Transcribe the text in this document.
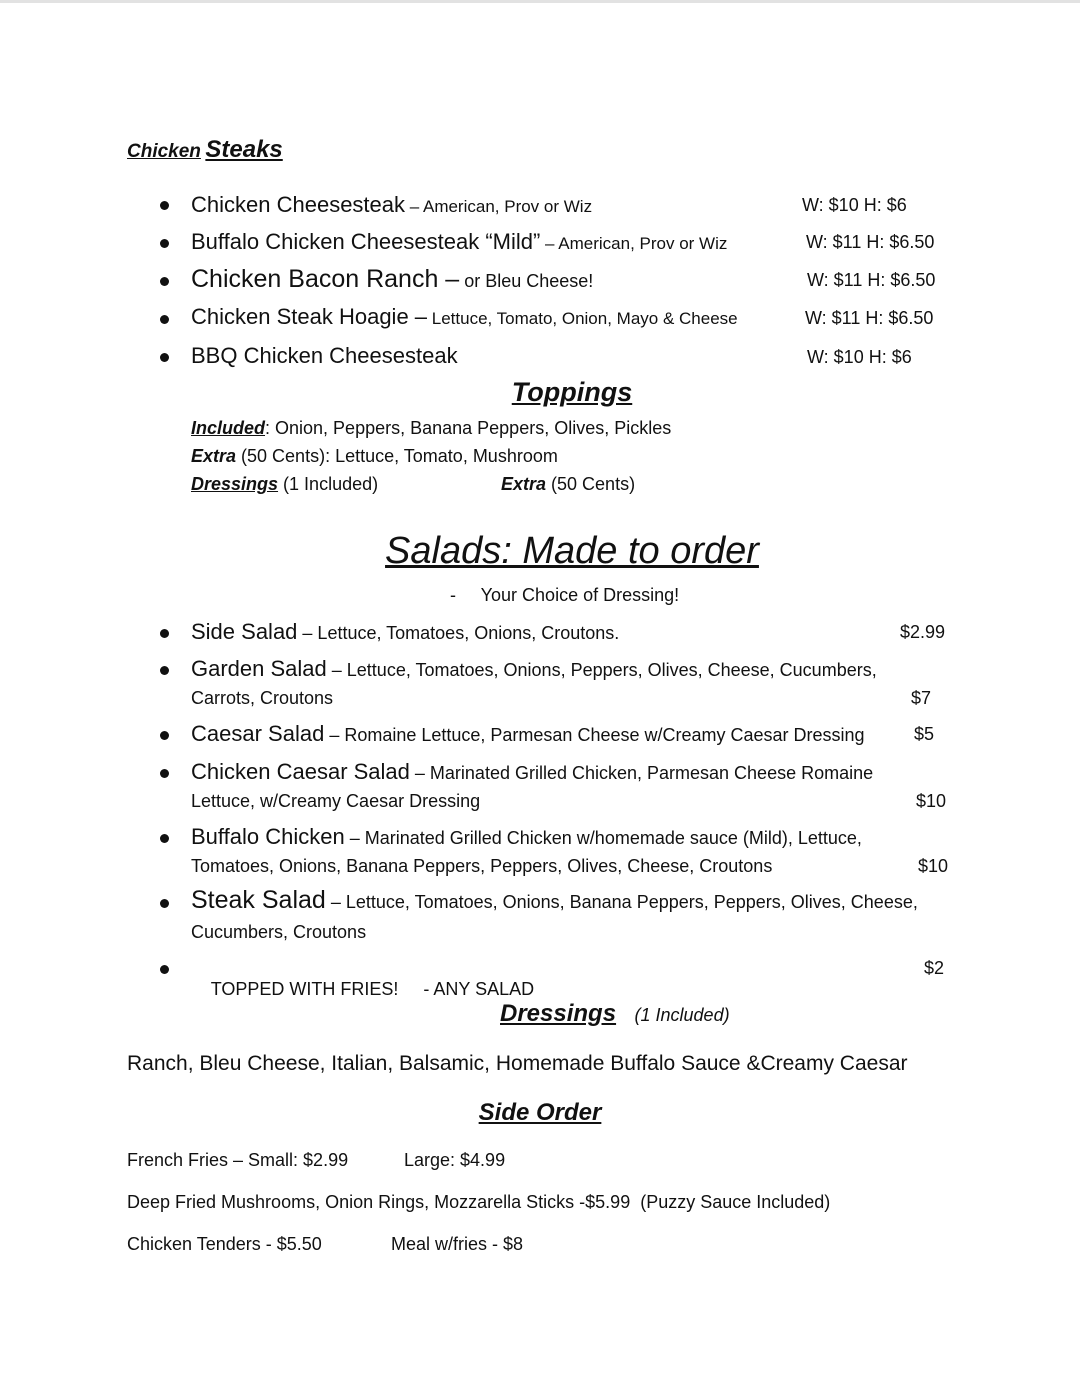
Chicken Steaks
Chicken Cheesesteak – American, Prov or Wiz	W: $10 H: $6
Buffalo Chicken Cheesesteak “Mild” – American, Prov or Wiz	W: $11 H: $6.50
Chicken Bacon Ranch – or Bleu Cheese!	W: $11 H: $6.50
Chicken Steak Hoagie – Lettuce, Tomato, Onion, Mayo & Cheese	W: $11 H: $6.50
BBQ Chicken Cheesesteak	W: $10 H: $6
Toppings
Included: Onion, Peppers, Banana Peppers, Olives, Pickles
Extra (50 Cents): Lettuce, Tomato, Mushroom
Dressings (1 Included)	Extra (50 Cents)
Salads: Made to order
-     Your Choice of Dressing!
Side Salad – Lettuce, Tomatoes, Onions, Croutons.	$2.99
Garden Salad – Lettuce, Tomatoes, Onions, Peppers, Olives, Cheese, Cucumbers,
Carrots, Croutons	$7
Caesar Salad – Romaine Lettuce, Parmesan Cheese w/Creamy Caesar Dressing	$5
Chicken Caesar Salad – Marinated Grilled Chicken, Parmesan Cheese Romaine
Lettuce, w/Creamy Caesar Dressing	$10
Buffalo Chicken – Marinated Grilled Chicken w/homemade sauce (Mild), Lettuce,
Tomatoes, Onions, Banana Peppers, Peppers, Olives, Cheese, Croutons	$10
Steak Salad – Lettuce, Tomatoes, Onions, Banana Peppers, Peppers, Olives, Cheese,
Cucumbers, Croutons

TOPPED WITH FRIES!     - ANY SALAD

$2
Dressings (1 Included)
Ranch, Bleu Cheese, Italian, Balsamic, Homemade Buffalo Sauce &Creamy Caesar
Side Order
French Fries – Small: $2.99	Large: $4.99
Deep Fried Mushrooms, Onion Rings, Mozzarella Sticks -$5.99  (Puzzy Sauce Included)
Chicken Tenders - $5.50	Meal w/fries - $8
